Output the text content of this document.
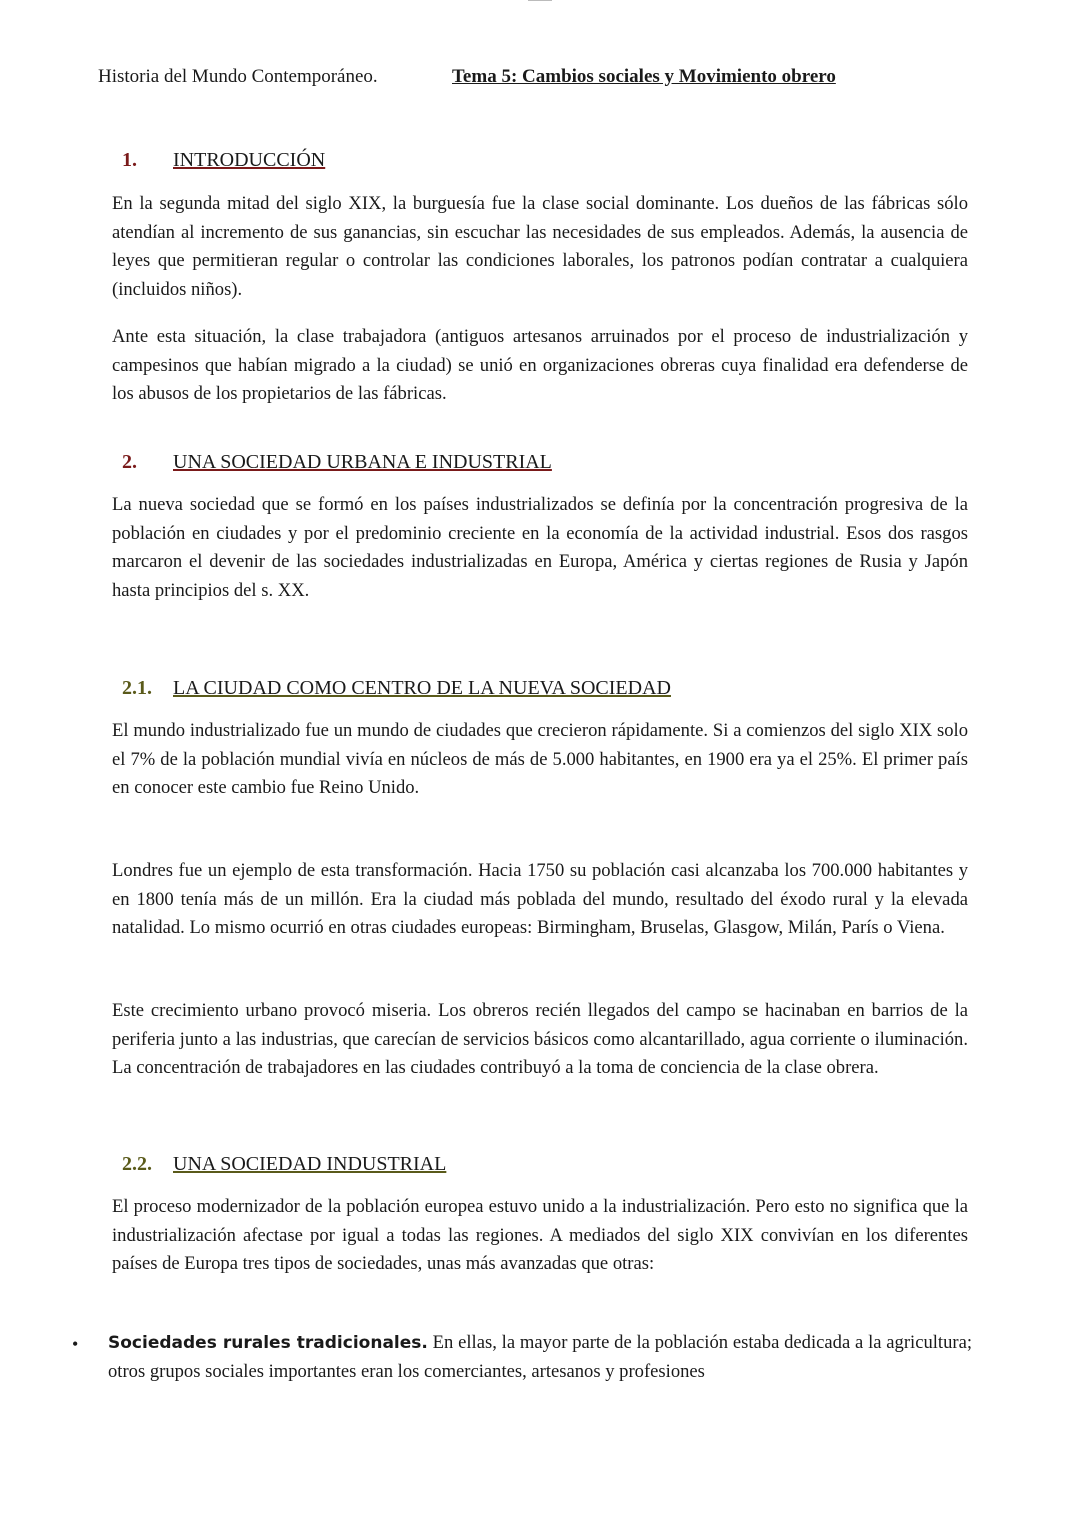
Historia del Mundo Contemporáneo.	Tema 5: Cambios sociales y Movimiento obrero
1. INTRODUCCIÓN

En la segunda mitad del siglo XIX, la burguesía fue la clase social dominante. Los dueños de las fábricas sólo atendían al incremento de sus ganancias, sin escuchar las necesidades de sus empleados. Además, la ausencia de leyes que permitieran regular o controlar las condiciones laborales, los patronos podían contratar a cualquiera (incluidos niños).

Ante esta situación, la clase trabajadora (antiguos artesanos arruinados por el proceso de industrialización y campesinos que habían migrado a la ciudad) se unió en organizaciones obreras cuya finalidad era defenderse de los abusos de los propietarios de las fábricas.

2. UNA SOCIEDAD URBANA E INDUSTRIAL

La nueva sociedad que se formó en los países industrializados se definía por la concentración progresiva de la población en ciudades y por el predominio creciente en la economía de la actividad industrial. Esos dos rasgos marcaron el devenir de las sociedades industrializadas en Europa, América y ciertas regiones de Rusia y Japón hasta principios del s. XX.

2.1. LA CIUDAD COMO CENTRO DE LA NUEVA SOCIEDAD

El mundo industrializado fue un mundo de ciudades que crecieron rápidamente. Si a comienzos del siglo XIX solo el 7% de la población mundial vivía en núcleos de más de 5.000 habitantes, en 1900 era ya el 25%. El primer país en conocer este cambio fue Reino Unido.

Londres fue un ejemplo de esta transformación. Hacia 1750 su población casi alcanzaba los 700.000 habitantes y en 1800 tenía más de un millón. Era la ciudad más poblada del mundo, resultado del éxodo rural y la elevada natalidad. Lo mismo ocurrió en otras ciudades europeas: Birmingham, Bruselas, Glasgow, Milán, París o Viena.

Este crecimiento urbano provocó miseria. Los obreros recién llegados del campo se hacinaban en barrios de la periferia junto a las industrias, que carecían de servicios básicos como alcantarillado, agua corriente o iluminación. La concentración de trabajadores en las ciudades contribuyó a la toma de conciencia de la clase obrera.

2.2. UNA SOCIEDAD INDUSTRIAL

El proceso modernizador de la población europea estuvo unido a la industrialización. Pero esto no significa que la industrialización afectase por igual a todas las regiones. A mediados del siglo XIX convivían en los diferentes países de Europa tres tipos de sociedades, unas más avanzadas que otras:

• Sociedades rurales tradicionales. En ellas, la mayor parte de la población estaba dedicada a la agricultura; otros grupos sociales importantes eran los comerciantes, artesanos y profesiones
